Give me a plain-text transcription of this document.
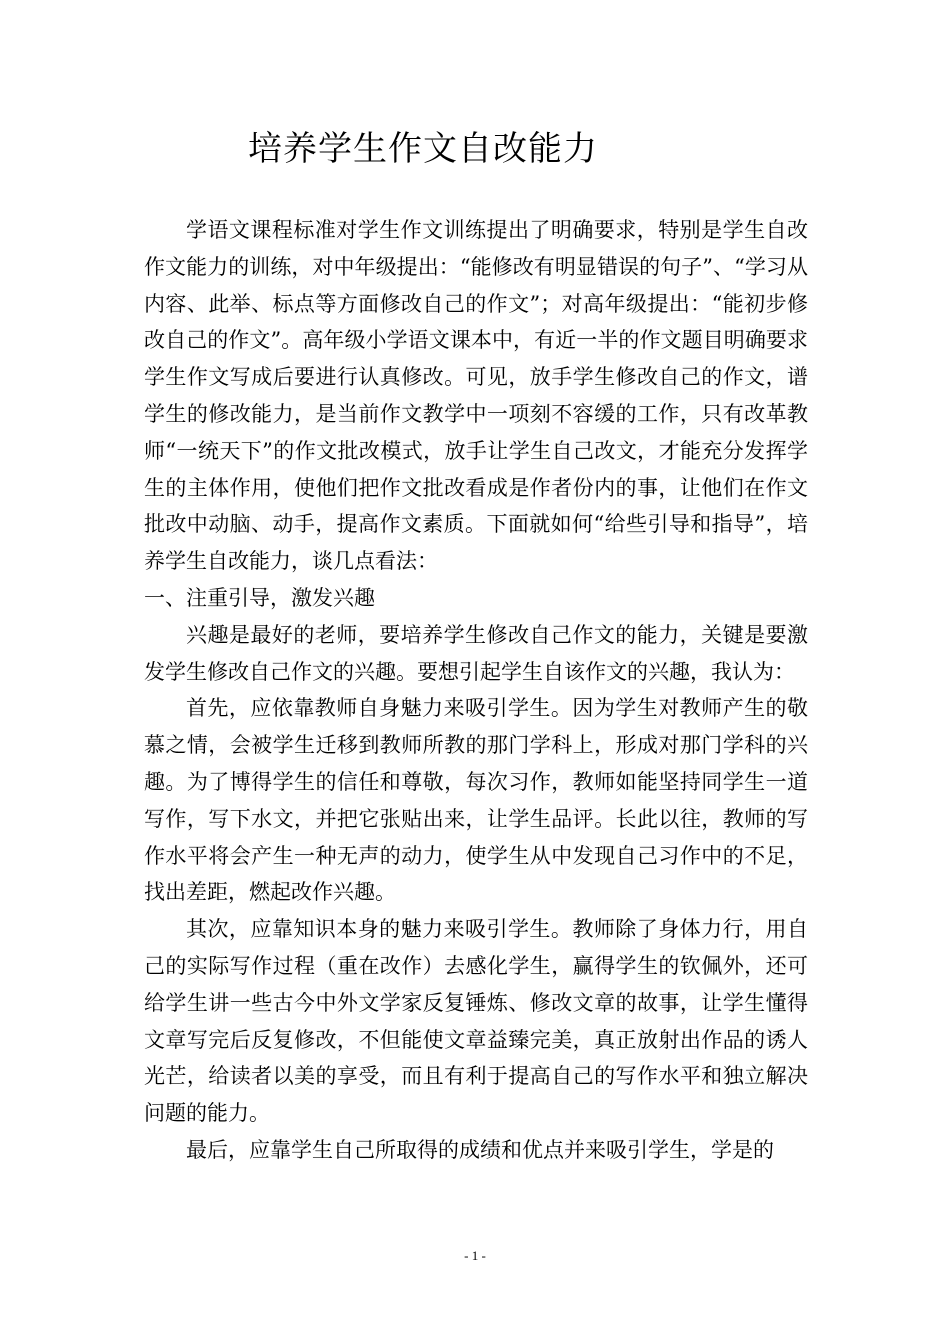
培养学生作文自改能力

学语文课程标准对学生作文训练提出了明确要求，特别是学生自改作文能力的训练，对中年级提出：“能修改有明显错误的句子”、“学习从内容、此举、标点等方面修改自己的作文”；对高年级提出：“能初步修改自己的作文”。高年级小学语文课本中，有近一半的作文题目明确要求学生作文写成后要进行认真修改。可见，放手学生修改自己的作文，谱学生的修改能力，是当前作文教学中一项刻不容缓的工作，只有改革教师“一统天下”的作文批改模式，放手让学生自己改文，才能充分发挥学生的主体作用，使他们把作文批改看成是作者份内的事，让他们在作文批改中动脑、动手，提高作文素质。下面就如何“给些引导和指导”，培养学生自改能力，谈几点看法：

一、注重引导，激发兴趣

兴趣是最好的老师，要培养学生修改自己作文的能力，关键是要激发学生修改自己作文的兴趣。要想引起学生自该作文的兴趣，我认为：

首先，应依靠教师自身魅力来吸引学生。因为学生对教师产生的敬慕之情，会被学生迁移到教师所教的那门学科上，形成对那门学科的兴趣。为了博得学生的信任和尊敬，每次习作，教师如能坚持同学生一道写作，写下水文，并把它张贴出来，让学生品评。长此以往，教师的写作水平将会产生一种无声的动力，使学生从中发现自己习作中的不足，找出差距，燃起改作兴趣。

其次，应靠知识本身的魅力来吸引学生。教师除了身体力行，用自己的实际写作过程（重在改作）去感化学生，赢得学生的钦佩外，还可给学生讲一些古今中外文学家反复锤炼、修改文章的故事，让学生懂得文章写完后反复修改，不但能使文章益臻完美，真正放射出作品的诱人光芒，给读者以美的享受，而且有利于提高自己的写作水平和独立解决问题的能力。

最后，应靠学生自己所取得的成绩和优点并来吸引学生，学是的

- 1 -
